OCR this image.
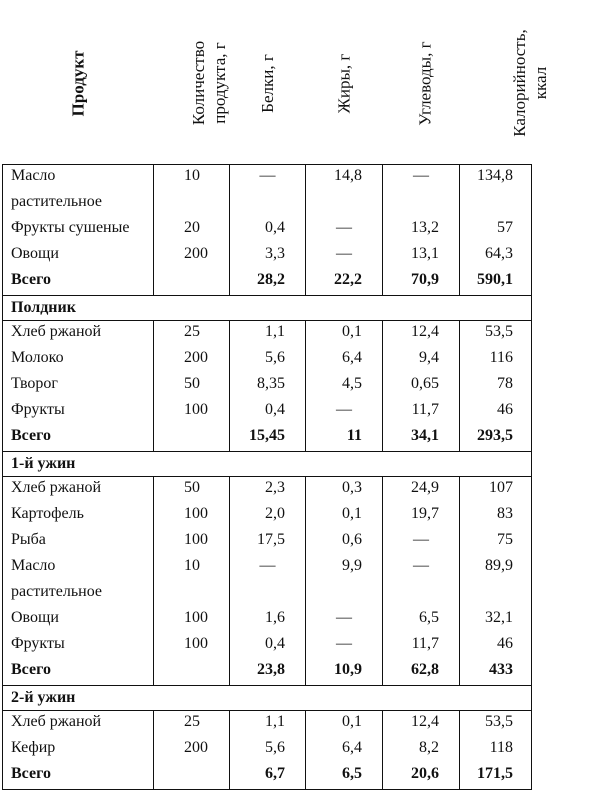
Продукт	Количество продукта, г	Белки, г	Жиры, г	Углеводы, г	Калорийность, ккал
Масло	10	—	14,8	—	134,8
растительное					
Фрукты сушеные	20	0,4	—	13,2	57
Овощи	200	3,3	—	13,1	64,3
Всего		28,2	22,2	70,9	590,1
Полдник					
Хлеб ржаной	25	1,1	0,1	12,4	53,5
Молоко	200	5,6	6,4	9,4	116
Творог	50	8,35	4,5	0,65	78
Фрукты	100	0,4	—	11,7	46
Всего		15,45	11	34,1	293,5
1-й ужин					
Хлеб ржаной	50	2,3	0,3	24,9	107
Картофель	100	2,0	0,1	19,7	83
Рыба	100	17,5	0,6	—	75
Масло	10	—	9,9	—	89,9
растительное					
Овощи	100	1,6	—	6,5	32,1
Фрукты	100	0,4	—	11,7	46
Всего		23,8	10,9	62,8	433
2-й ужин					
Хлеб ржаной	25	1,1	0,1	12,4	53,5
Кефир	200	5,6	6,4	8,2	118
Всего		6,7	6,5	20,6	171,5
